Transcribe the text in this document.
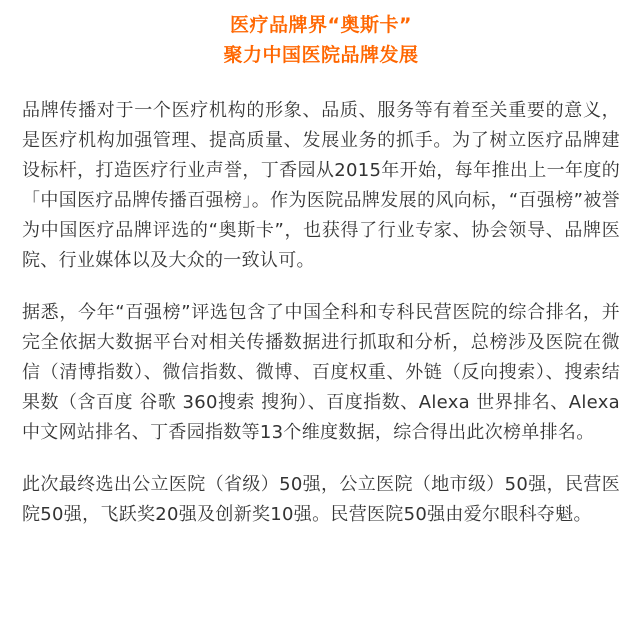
医疗品牌界“奥斯卡”
聚力中国医院品牌发展

品牌传播对于一个医疗机构的形象、品质、服务等有着至关重要的意义，是医疗机构加强管理、提高质量、发展业务的抓手。为了树立医疗品牌建设标杆，打造医疗行业声誉，丁香园从2015年开始，每年推出上一年度的「中国医疗品牌传播百强榜」。作为医院品牌发展的风向标，“百强榜”被誉为中国医疗品牌评选的“奥斯卡”，也获得了行业专家、协会领导、品牌医院、行业媒体以及大众的一致认可。

据悉，今年“百强榜”评选包含了中国全科和专科民营医院的综合排名，并完全依据大数据平台对相关传播数据进行抓取和分析，总榜涉及医院在微信（清博指数）、微信指数、微博、百度权重、外链（反向搜索）、搜索结果数（含百度 谷歌 360搜索 搜狗）、百度指数、Alexa 世界排名、Alexa 中文网站排名、丁香园指数等13个维度数据，综合得出此次榜单排名。

此次最终选出公立医院（省级）50强，公立医院（地市级）50强，民营医院50强，飞跃奖20强及创新奖10强。民营医院50强由爱尔眼科夺魁。
